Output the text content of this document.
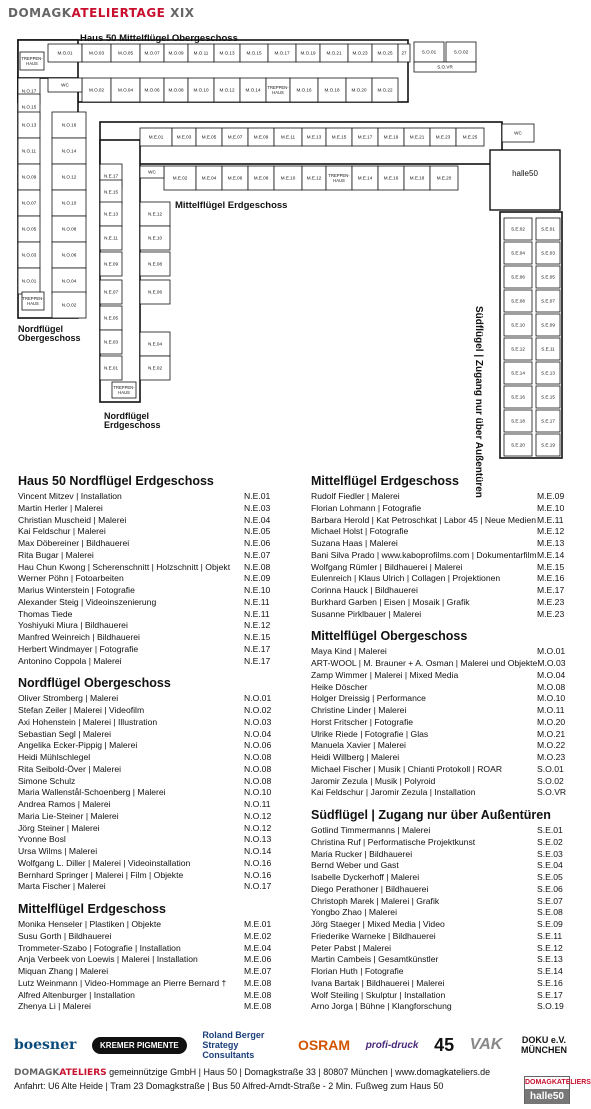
DOMAGKATELIERTAGE XIX
M.O.01	M.O.03	M.O.05 M.O.07 M.O.09 M.O.11 M.O.13	M.O.15	M.O.17 M.O.19 M.O.21 M.O.23 M.O.25 27
M.O.02	M.O.04 M.O.06 M.O.08 M.O.10 M.O.12 M.O.14
TREPPEN-
HAUS	M.O.16	M.O.18	M.O.20 M.O.22
S.O.01	S.O.02
S.O.VR
TREPPEN-
HAUS
WC
N.O.17
N.O.15
N.O.13
N.O.11
N.O.09
N.O.07
N.O.05
N.O.03
N.O.01
N.O.16
N.O.14
N.O.12
N.O.10
N.O.08
N.O.06
N.O.04
N.O.02
TREPPEN-
HAUS
M.E.01	M.E.03 M.E.05 M.E.07 M.E.09	M.E.11	M.E.13 M.E.15 M.E.17 M.E.19 M.E.21 M.E.23	M.E.25
M.E.02	M.E.04 M.E.06 M.E.08	M.E.10 M.E.12
TREPPEN-
HAUS	M.E.14 M.E.16 M.E.18	M.E.20
WC
WC
halle50
N.E.17
N.E.15
N.E.13
N.E.11
N.E.09
N.E.07
N.E.05
N.E.03
N.E.01
N.E.12
N.E.10
N.E.08
N.E.06
N.E.04
N.E.02
TREPPEN-
HAUS
S.E.02
S.E.04
S.E.06
S.E.08
S.E.10
S.E.12
S.E.14
S.E.16
S.E.18
S.E.20
S.E.01
S.E.03
S.E.05
S.E.07
S.E.09
S.E.11
S.E.13
S.E.15
S.E.17
S.E.19
Haus 50 Mittelflügel Obergeschoss
Mittelflügel Erdgeschoss
Nordflügel
Obergeschoss
Nordflügel
Erdgeschoss	Südflügel | Zugang nur über Außentüren
Haus 50 Nordflügel Erdgeschoss
Vincent Mitzev | Installation	N.E.01
Martin Herler | Malerei	N.E.03
Christian Muscheid | Malerei	N.E.04
Kai Feldschur | Malerei	N.E.05
Max Döbereiner | Bildhauerei	N.E.06
Rita Bugar | Malerei	N.E.07
Hau Chun Kwong | Scherenschnitt | Holzschnitt | Objekt N.E.08
Werner Pöhn | Fotoarbeiten	N.E.09
Marius Winterstein | Fotografie	N.E.10
Alexander Steig | Videoinszenierung	N.E.11
Thomas Tiede	N.E.11
Yoshiyuki Miura | Bildhauerei	N.E.12
Manfred Weinreich | Bildhauerei	N.E.15
Herbert Windmayer | Fotografie	N.E.17
Antonino Coppola | Malerei	N.E.17
Nordflügel Obergeschoss
Oliver Stromberg | Malerei	N.O.01
Stefan Zeiler | Malerei | Videofilm	N.O.02
Axi Hohenstein | Malerei | Illustration	N.O.03
Sebastian Segl | Malerei	N.O.04
Angelika Ecker-Pippig | Malerei	N.O.06
Heidi Mühlschlegel	N.O.08
Rita Seibold-Över | Malerei	N.O.08
Simone Schulz	N.O.08
Maria Wallenstål-Schoenberg | Malerei	N.O.10
Andrea Ramos | Malerei	N.O.11
Maria Lie-Steiner | Malerei	N.O.12
Jörg Steiner | Malerei	N.O.12
Yvonne Bosl	N.O.13
Ursa Wilms | Malerei	N.O.14
Wolfgang L. Diller | Malerei | Videoinstallation	N.O.16
Bernhard Springer | Malerei | Film | Objekte	N.O.16
Marta Fischer | Malerei	N.O.17
Mittelflügel Erdgeschoss
Monika Henseler | Plastiken | Objekte	M.E.01
Susu Gorth | Bildhauerei	M.E.02
Trommeter-Szabo | Fotografie | Installation	M.E.04
Anja Verbeek von Loewis | Malerei | Installation	M.E.06
Miquan Zhang | Malerei	M.E.07
Lutz Weinmann | Video-Hommage an Pierre Bernard † M.E.08
Alfred Altenburger | Installation	M.E.08
Zhenya Li | Malerei	M.E.08
Mittelflügel Erdgeschoss
Rudolf Fiedler | Malerei	M.E.09
Florian Lohmann | Fotografie	M.E.10
Barbara Herold | Kat Petroschkat | Labor 45 | Neue Medien M.E.11
Michael Holst | Fotografie	M.E.12
Suzana Haas | Malerei	M.E.13
Bani Silva Prado | www.kaboprofilms.com | Dokumentarfilm M.E.14
Wolfgang Rümler | Bildhauerei | Malerei	M.E.15
Eulenreich | Klaus Ulrich | Collagen | Projektionen	M.E.16
Corinna Hauck | Bildhauerei	M.E.17
Burkhard Garben | Eisen | Mosaik | Grafik	M.E.23
Susanne Pirklbauer | Malerei	M.E.23
Mittelflügel Obergeschoss
Maya Kind | Malerei	M.O.01
ART-WOOL | M. Brauner + A. Osman | Malerei und Objekte M.O.03
Zamp Wimmer | Malerei | Mixed Media	M.O.04
Heike Döscher	M.O.08
Holger Dreissig | Performance	M.O.10
Christine Linder | Malerei	M.O.11
Horst Fritscher | Fotografie	M.O.20
Ulrike Riede | Fotografie | Glas	M.O.21
Manuela Xavier | Malerei	M.O.22
Heidi Willberg | Malerei	M.O.23
Michael Fischer | Musik | Chianti Protokoll | ROAR	S.O.01
Jaromir Zezula | Musik | Polyroid	S.O.02
Kai Feldschur | Jaromir Zezula | Installation	S.O.VR
Südflügel | Zugang nur über Außentüren
Gotlind Timmermanns | Malerei	S.E.01
Christina Ruf | Performatische Projektkunst	S.E.02
Maria Rucker | Bildhauerei	S.E.03
Bernd Weber und Gast	S.E.04
Isabelle Dyckerhoff | Malerei	S.E.05
Diego Perathoner | Bildhauerei	S.E.06
Christoph Marek | Malerei | Grafik	S.E.07
Yongbo Zhao | Malerei	S.E.08
Jörg Staeger | Mixed Media | Video	S.E.09
Friederike Warneke | Bildhauerei	S.E.11
Peter Pabst | Malerei	S.E.12
Martin Cambeis | Gesamtkünstler	S.E.13
Florian Huth | Fotografie	S.E.14
Ivana Bartak | Bildhauerei | Malerei	S.E.16
Wolf Steiling | Skulptur | Installation	S.E.17
Arno Jorga | Bühne | Klangforschung	S.O.19
boesner	KREMER PIGMENTE
Roland Berger Strategy Consultants
OSRAM profi-druck 45 VAK	DOKU e.V. MÜNCHEN
DOMAGKATELIERS gemeinnützige GmbH | Haus 50 | Domagkstraße 33 | 80807 München | www.domagkateliers.de
Anfahrt: U6 Alte Heide | Tram 23 Domagkstraße | Bus 50 Alfred-Arndt-Straße - 2 Min. Fußweg zum Haus 50	DOMAGKATELIERS
halle50
